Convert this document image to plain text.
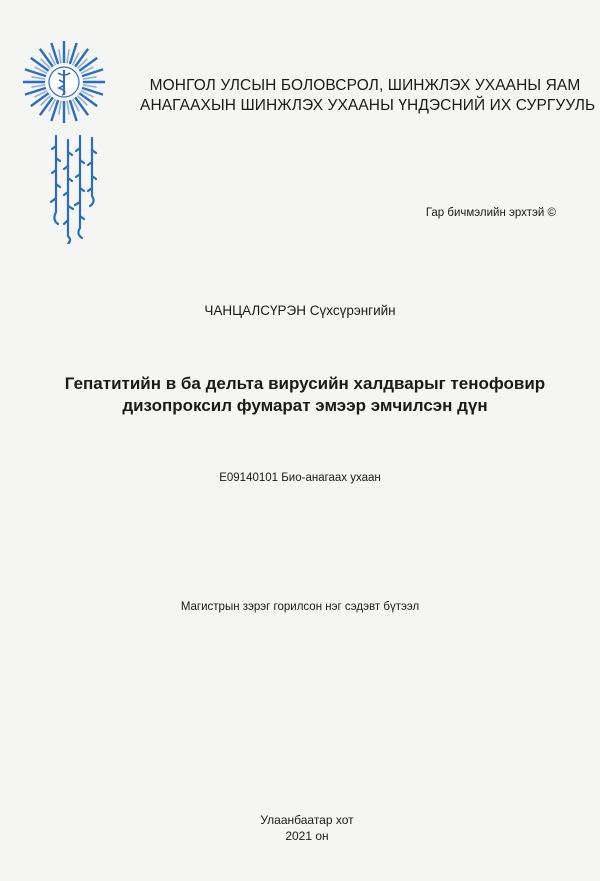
МОНГОЛ УЛСЫН БОЛОВСРОЛ, ШИНЖЛЭХ УХААНЫ ЯАМ
АНАГААХЫН ШИНЖЛЭХ УХААНЫ ҮНДЭСНИЙ ИХ СУРГУУЛЬ
Гар бичмэлийн эрхтэй ©
ЧАНЦАЛСҮРЭН Сүхсүрэнгийн
Гепатитийн в ба дельта вирусийн халдварыг тенофовир
дизопроксил фумарат эмээр эмчилсэн дүн
E09140101 Био-анагаах ухаан
Магистрын зэрэг горилсон нэг сэдэвт бүтээл
Улаанбаатар хот
2021 он
